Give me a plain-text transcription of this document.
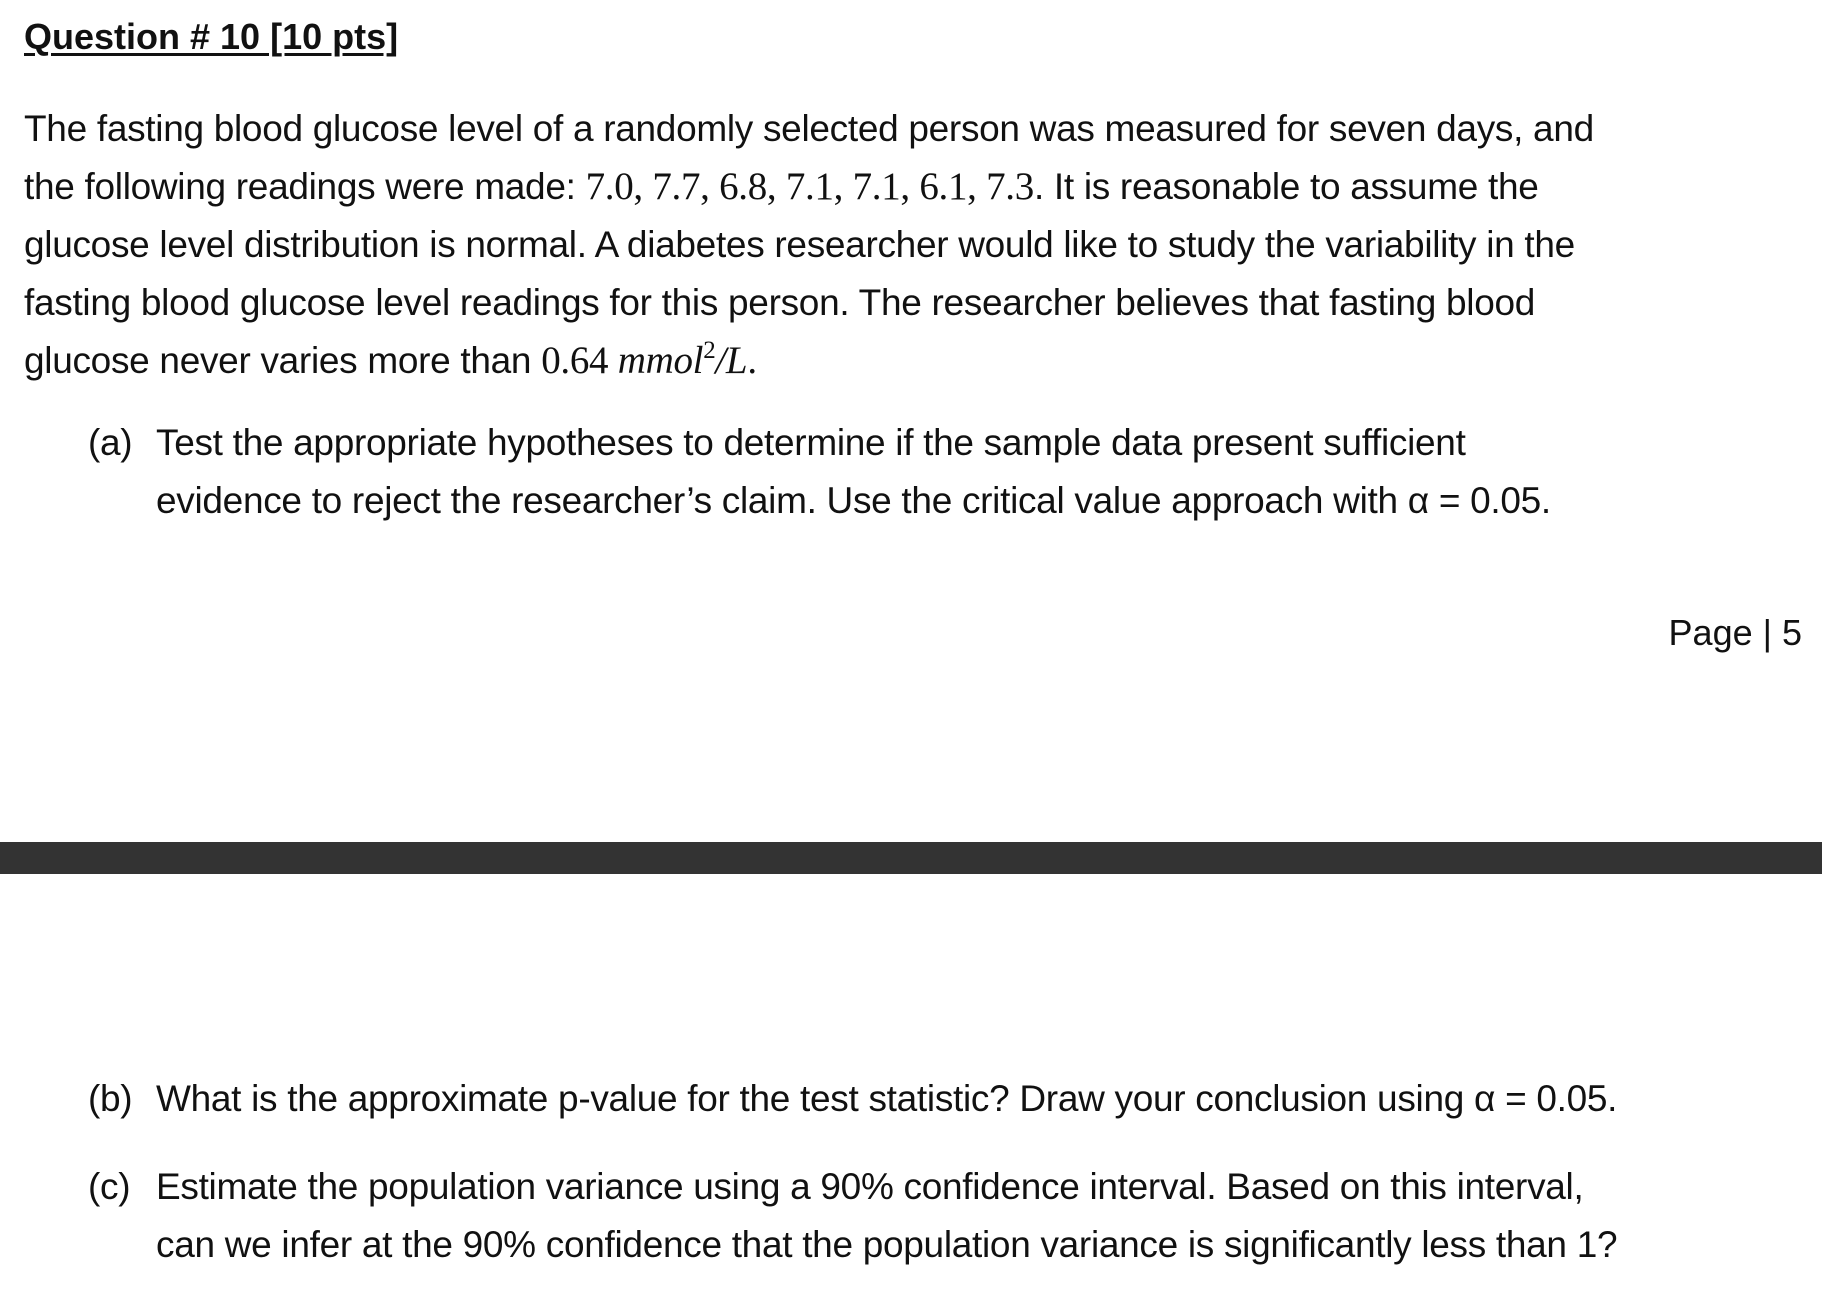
Question # 10 [10 pts]

The fasting blood glucose level of a randomly selected person was measured for seven days, and
the following readings were made: 7.0, 7.7, 6.8, 7.1, 7.1, 6.1, 7.3. It is reasonable to assume the
glucose level distribution is normal. A diabetes researcher would like to study the variability in the
fasting blood glucose level readings for this person. The researcher believes that fasting blood
glucose never varies more than 0.64 mmol$^2$/L.

(a) Test the appropriate hypotheses to determine if the sample data present sufficient
evidence to reject the researcher’s claim. Use the critical value approach with α = 0.05.
Page | 5
(b) What is the approximate p-value for the test statistic? Draw your conclusion using α = 0.05.
(c) Estimate the population variance using a 90% confidence interval. Based on this interval,
can we infer at the 90% confidence that the population variance is significantly less than 1?
